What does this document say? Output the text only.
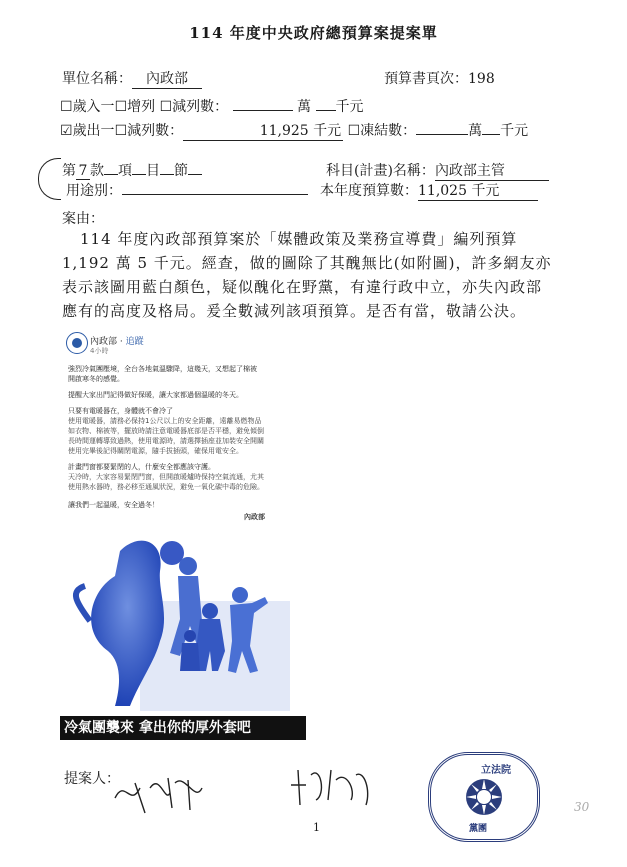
114 年度中央政府總預算案提案單
單位名稱： 內政部	預算書頁次：198
☐歲入一☐增列 ☐減列數：	萬 千元
☑歲出一☐減列數：	11,925 千元 ☐凍結數：	萬 千元
第 7 款 項 目 節	科目(計畫)名稱：內政部主管
用途別：	本年度預算數：11,025 千元
案由：
114 年度內政部預算案於「媒體政策及業務宣導費」編列預算
1,192 萬 5 千元。經查，做的圖除了其醜無比(如附圖)，許多網友亦
表示該圖用藍白顏色，疑似醜化在野黨，有違行政中立，亦失內政部
應有的高度及格局。爰全數減列該項預算。是否有當，敬請公決。
內政部 · 追蹤
4小時
強烈冷氣團壓境，全台各地氣溫驟降，這幾天，又想起了棉被
開啟寒冬的感覺。
提醒大家出門記得做好保暖，讓大家都過個溫暖的冬天。
只要有電暖器在，身體就不會冷了
使用電暖器，請務必保持1公尺以上的安全距離，遠離易燃物品
如衣物、棉被等，擺放時請注意電暖器底部是否平穩，避免傾倒
長時間運轉導致過熱，使用電源時，請選擇插座並加裝安全開關
使用完畢後記得關閉電源，隨手拔插頭，確保用電安全。
計畫門窗都要緊閉的人，什麼安全都應該守護。
天冷時，大家容易緊閉門窗，但開啟暖爐時保持空氣流通，尤其
使用熱水器時，務必移至通風狀況，避免一氧化碳中毒的危險。
讓我們一起溫暖，安全過冬！
內政部
冷氣團襲來 拿出你的厚外套吧
提案人：
立法院
黨團
1
30
